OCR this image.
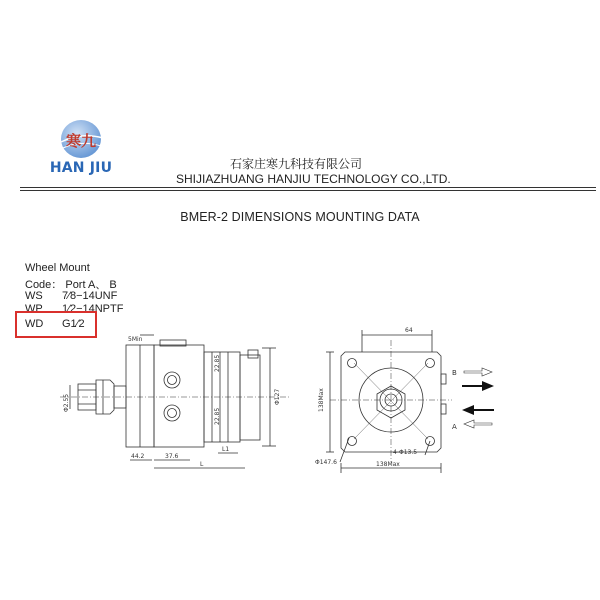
寒九
HAN JIU	石家庄寒九科技有限公司
SHIJIAZHUANG HANJIU TECHNOLOGY CO.,LTD.
BMER-2 DIMENSIONS MOUNTING DATA
Wheel Mount
Code： Port A、 B
WS 7⁄8−14UNF
WP 1⁄2−14NPTF
WD G1⁄2
5Min
44.2	37.6
L1
L
22.85
22.85
Φ127
Φ2.55
64
138Max
138Max
Φ147.6
4-Φ13.5
B
A
